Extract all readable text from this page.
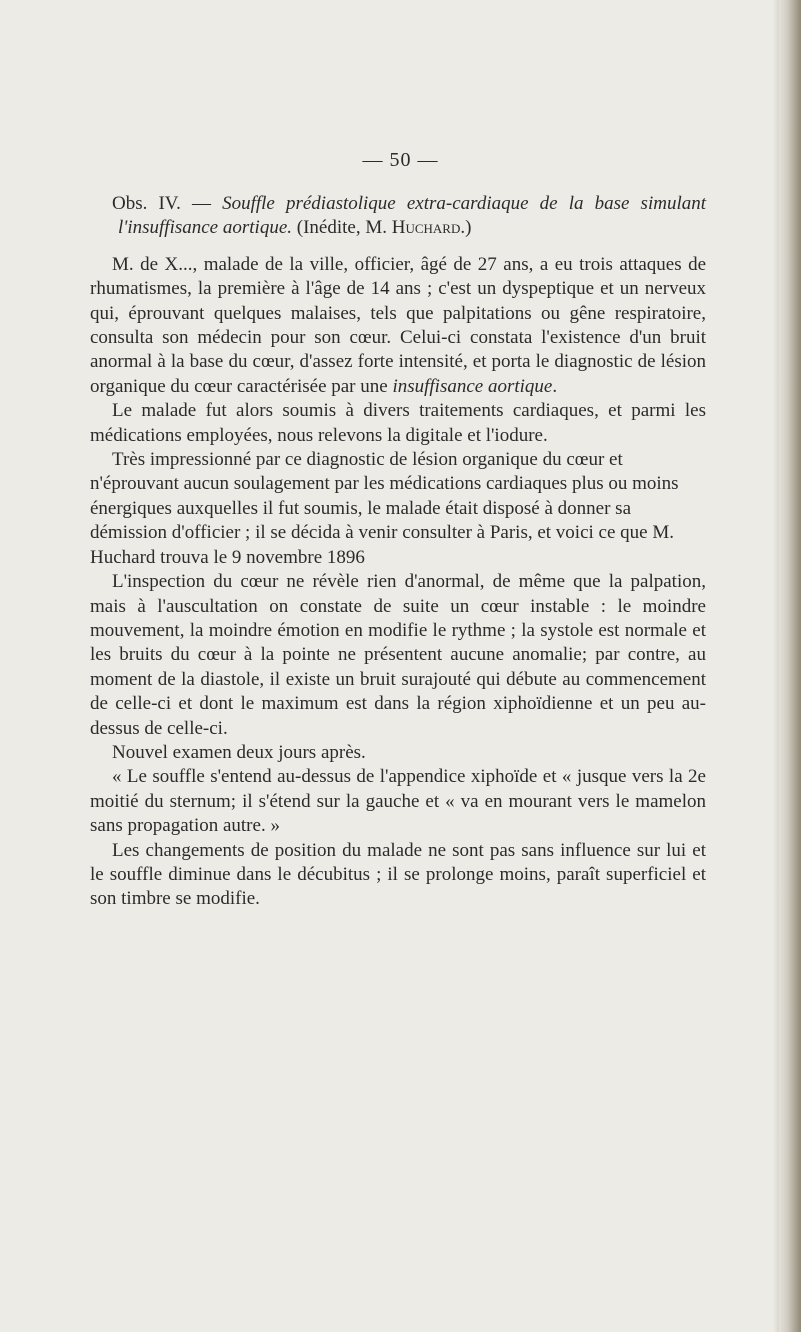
— 50 —

Obs. IV. — Souffle prédiastolique extra-cardiaque de la base simulant l'insuffisance aortique. (Inédite, M. Huchard.)

M. de X..., malade de la ville, officier, âgé de 27 ans, a eu trois attaques de rhumatismes, la première à l'âge de 14 ans ; c'est un dyspeptique et un nerveux qui, éprouvant quelques malaises, tels que palpitations ou gêne respiratoire, consulta son médecin pour son cœur. Celui-ci constata l'existence d'un bruit anormal à la base du cœur, d'assez forte intensité, et porta le diagnostic de lésion organique du cœur caractérisée par une insuffisance aortique.

Le malade fut alors soumis à divers traitements cardiaques, et parmi les médications employées, nous relevons la digitale et l'iodure.

Très impressionné par ce diagnostic de lésion organique du cœur et n'éprouvant aucun soulagement par les médications cardiaques plus ou moins énergiques auxquelles il fut soumis, le malade était disposé à donner sa démission d'officier ; il se décida à venir consulter à Paris, et voici ce que M. Huchard trouva le 9 novembre 1896

L'inspection du cœur ne révèle rien d'anormal, de même que la palpation, mais à l'auscultation on constate de suite un cœur instable : le moindre mouvement, la moindre émotion en modifie le rythme ; la systole est normale et les bruits du cœur à la pointe ne présentent aucune anomalie; par contre, au moment de la diastole, il existe un bruit surajouté qui débute au commencement de celle-ci et dont le maximum est dans la région xiphoïdienne et un peu au-dessus de celle-ci.

Nouvel examen deux jours après.

« Le souffle s'entend au-dessus de l'appendice xiphoïde et « jusque vers la 2e moitié du sternum; il s'étend sur la gauche et « va en mourant vers le mamelon sans propagation autre. »

Les changements de position du malade ne sont pas sans influence sur lui et le souffle diminue dans le décubitus ; il se prolonge moins, paraît superficiel et son timbre se modifie.
